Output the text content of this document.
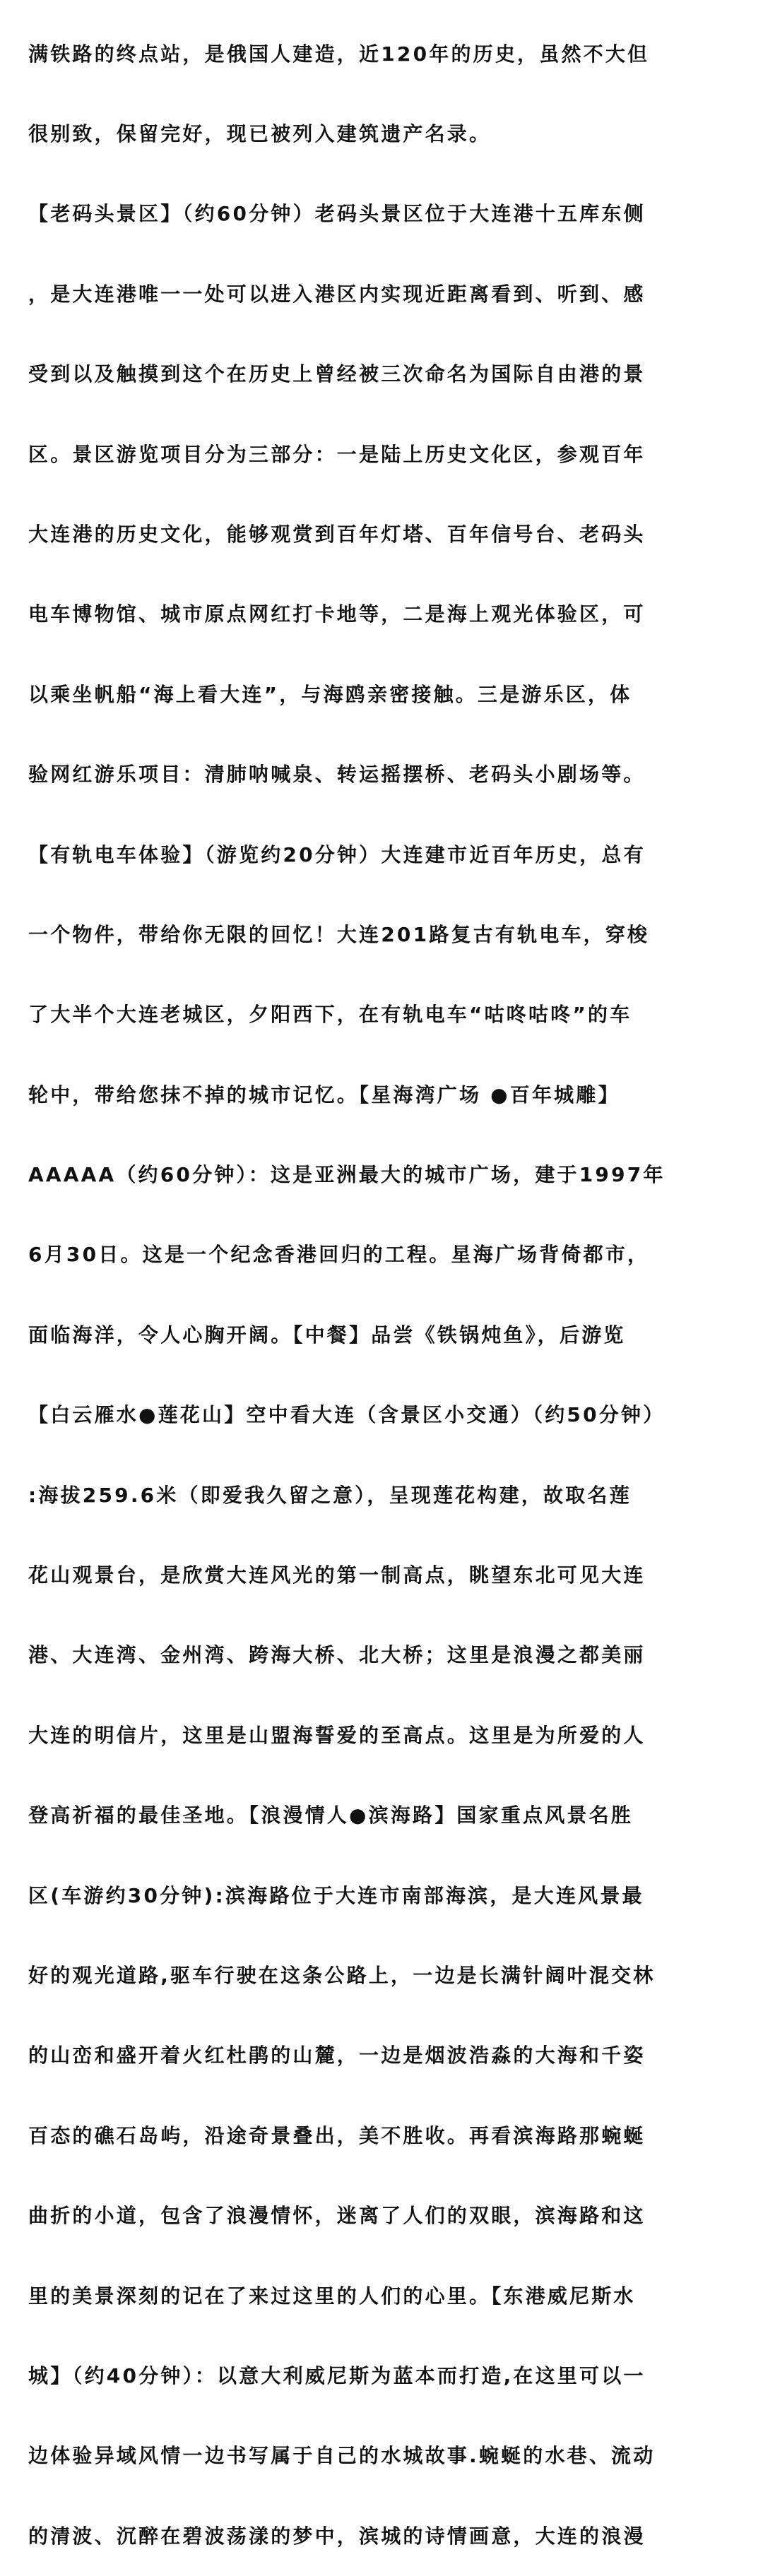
满铁路的终点站，是俄国人建造，近120年的历史，虽然不大但

很别致，保留完好，现已被列入建筑遗产名录。

【老码头景区】（约60分钟）老码头景区位于大连港十五库东侧

，是大连港唯一一处可以进入港区内实现近距离看到、听到、感

受到以及触摸到这个在历史上曾经被三次命名为国际自由港的景

区。景区游览项目分为三部分：一是陆上历史文化区，参观百年

大连港的历史文化，能够观赏到百年灯塔、百年信号台、老码头

电车博物馆、城市原点网红打卡地等，二是海上观光体验区，可

以乘坐帆船“海上看大连”，与海鸥亲密接触。三是游乐区，体

验网红游乐项目：清肺呐喊泉、转运摇摆桥、老码头小剧场等。

【有轨电车体验】（游览约20分钟）大连建市近百年历史，总有

一个物件，带给你无限的回忆！大连201路复古有轨电车，穿梭

了大半个大连老城区，夕阳西下，在有轨电车“咕咚咕咚”的车

轮中，带给您抹不掉的城市记忆。【星海湾广场 ●百年城雕】

AAAAA（约60分钟）：这是亚洲最大的城市广场，建于1997年

6月30日。这是一个纪念香港回归的工程。星海广场背倚都市，

面临海洋，令人心胸开阔。【中餐】品尝《铁锅炖鱼》，后游览

【白云雁水●莲花山】空中看大连（含景区小交通）（约50分钟）

:海拔259.6米（即爱我久留之意），呈现莲花构建，故取名莲

花山观景台，是欣赏大连风光的第一制高点，眺望东北可见大连

港、大连湾、金州湾、跨海大桥、北大桥；这里是浪漫之都美丽

大连的明信片，这里是山盟海誓爱的至高点。这里是为所爱的人

登高祈福的最佳圣地。【浪漫情人●滨海路】国家重点风景名胜

区(车游约30分钟):滨海路位于大连市南部海滨，是大连风景最

好的观光道路,驱车行驶在这条公路上，一边是长满针阔叶混交林

的山峦和盛开着火红杜鹃的山麓，一边是烟波浩淼的大海和千姿

百态的礁石岛屿，沿途奇景叠出，美不胜收。再看滨海路那蜿蜒

曲折的小道，包含了浪漫情怀，迷离了人们的双眼，滨海路和这

里的美景深刻的记在了来过这里的人们的心里。【东港威尼斯水

城】（约40分钟）：以意大利威尼斯为蓝本而打造,在这里可以一

边体验异域风情一边书写属于自己的水城故事.蜿蜒的水巷、流动

的清波、沉醉在碧波荡漾的梦中，滨城的诗情画意，大连的浪漫
